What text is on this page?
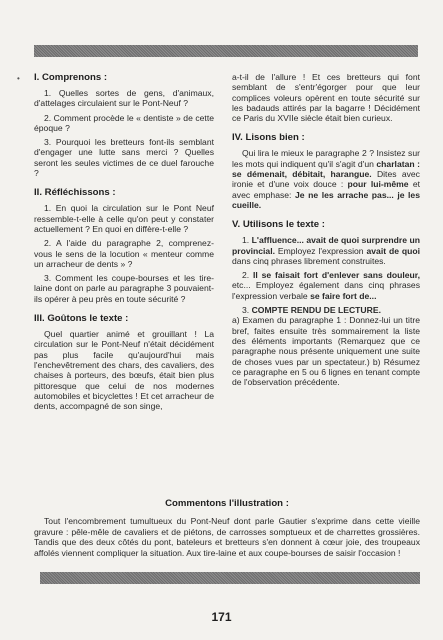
• I. Comprenons :

1. Quelles sortes de gens, d'animaux, d'attelages circulaient sur le Pont-Neuf ?

2. Comment procède le « dentiste » de cette époque ?

3. Pourquoi les bretteurs font-ils semblant d'engager une lutte sans merci ? Quelles seront les seules victimes de ce duel farouche ?

II. Réfléchissons :

1. En quoi la circulation sur le Pont Neuf ressemble-t-elle à celle qu'on peut y constater actuellement ? En quoi en diffère-t-elle ?

2. A l'aide du paragraphe 2, comprenez-vous le sens de la locution « menteur comme un arracheur de dents » ?

3. Comment les coupe-bourses et les tire-laine dont on parle au paragraphe 3 pouvaient-ils opérer à peu près en toute sécurité ?

III. Goûtons le texte :

Quel quartier animé et grouillant ! La circulation sur le Pont-Neuf n'était décidément pas plus facile qu'aujourd'hui mais l'enchevêtrement des chars, des cavaliers, des chaises à porteurs, des bœufs, était bien plus pittoresque que celui de nos modernes automobiles et bicyclettes ! Et cet arracheur de dents, accompagné de son singe,

a-t-il de l'allure ! Et ces bretteurs qui font semblant de s'entr'égorger pour que leur complices voleurs opèrent en toute sécurité sur les badauds attirés par la bagarre ! Décidément ce Paris du XVIIe siècle était bien curieux.

IV. Lisons bien :

Qui lira le mieux le paragraphe 2 ? Insistez sur les mots qui indiquent qu'il s'agit d'un charlatan : se démenait, débitait, harangue. Dites avec ironie et d'une voix douce : pour lui-même et avec emphase: Je ne les arrache pas... je les cueille.

V. Utilisons le texte :

1. L'affluence... avait de quoi surprendre un provincial. Employez l'expression avait de quoi dans cinq phrases librement construites.

2. Il se faisait fort d'enlever sans douleur, etc... Employez également dans cinq phrases l'expression verbale se faire fort de...

3. COMPTE RENDU DE LECTURE.

a) Examen du paragraphe 1 : Donnez-lui un titre bref, faites ensuite très sommairement la liste des éléments importants (Remarquez que ce paragraphe nous présente uniquement une suite de choses vues par un spectateur.) b) Résumez ce paragraphe en 5 ou 6 lignes en tenant compte de l'observation précédente.

Commentons l'illustration :

Tout l'encombrement tumultueux du Pont-Neuf dont parle Gautier s'exprime dans cette vieille gravure : pêle-mêle de cavaliers et de piétons, de carrosses somptueux et de charrettes grossières. Tandis que des deux côtés du pont, bateleurs et bretteurs s'en donnent à cœur joie, des troupeaux affolés viennent compliquer la situation. Aux tire-laine et aux coupe-bourses de saisir l'occasion !

171
